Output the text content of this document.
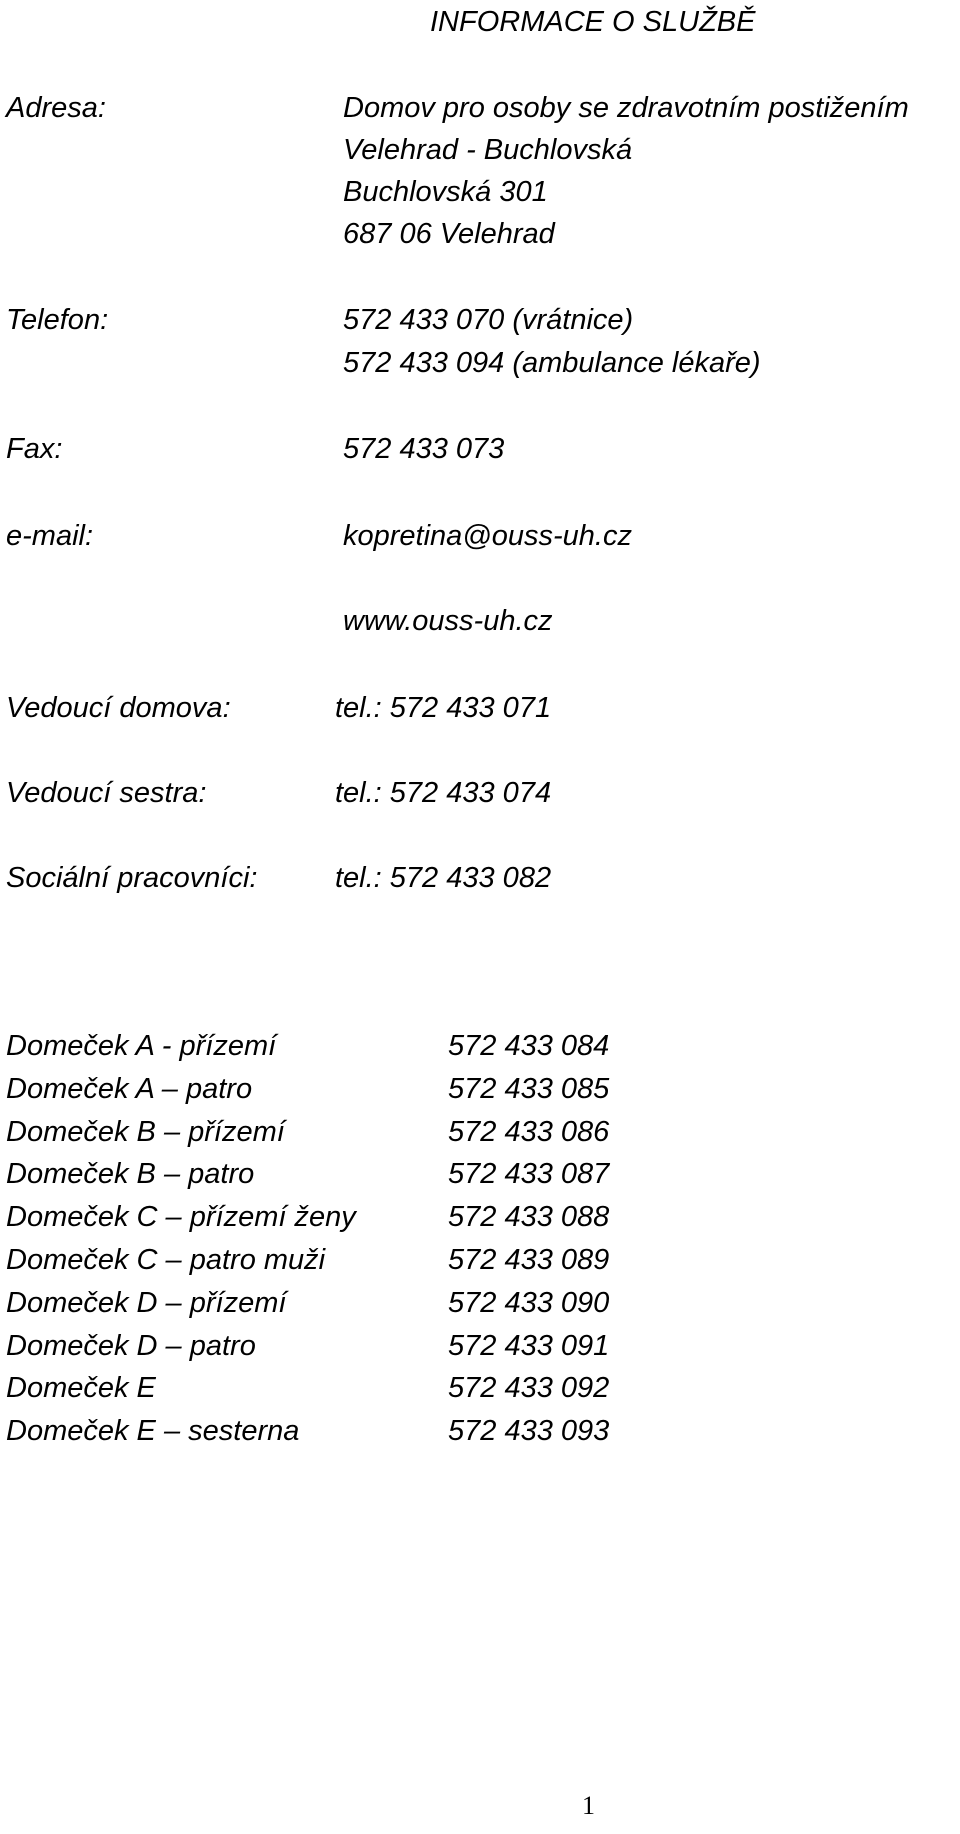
INFORMACE O SLUŽBĚ
Adresa:	Domov pro osoby se zdravotním postižením
Velehrad - Buchlovská
Buchlovská 301
687 06 Velehrad
Telefon:	572 433 070 (vrátnice)
572 433 094 (ambulance lékaře)
Fax:	572 433 073
e-mail:	kopretina@ouss-uh.cz
www.ouss-uh.cz
Vedoucí domova:	tel.: 572 433 071
Vedoucí sestra:	tel.: 572 433 074
Sociální pracovníci:	tel.: 572 433 082
Domeček A - přízemí	572 433 084
Domeček A – patro	572 433 085
Domeček B – přízemí	572 433 086
Domeček B – patro	572 433 087
Domeček C – přízemí ženy	572 433 088
Domeček C – patro muži	572 433 089
Domeček D – přízemí	572 433 090
Domeček D – patro	572 433 091
Domeček E	572 433 092
Domeček E – sesterna	572 433 093
1
